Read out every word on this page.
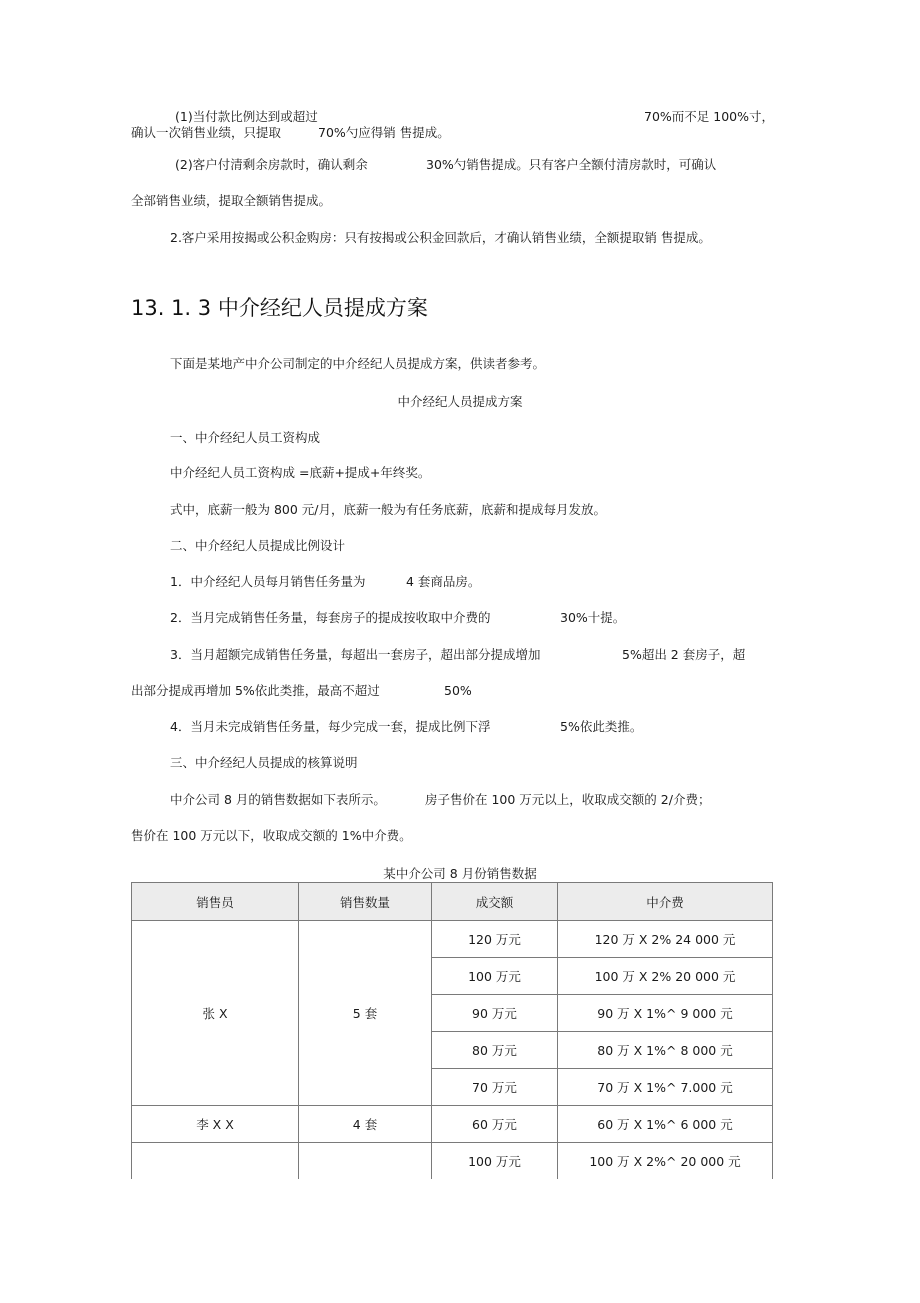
(1)当付款比例达到或超过	70%而不足 100%寸，
确认一次销售业绩，只提取	70%勺应得销 售提成。
(2)客户付清剩余房款时，确认剩余	30%勺销售提成。只有客户全额付清房款时，可确认
全部销售业绩，提取全额销售提成。
2.客户采用按揭或公积金购房：只有按揭或公积金回款后，才确认销售业绩，全额提取销 售提成。
13. 1. 3 中介经纪人员提成方案
下面是某地产中介公司制定的中介经纪人员提成方案，供读者参考。
中介经纪人员提成方案
一、中介经纪人员工资构成
中介经纪人员工资构成 =底薪+提成+年终奖。
式中，底薪一般为 800 元/月，底薪一般为有任务底薪，底薪和提成每月发放。
二、中介经纪人员提成比例设计
1．中介经纪人员每月销售任务量为	4 套商品房。
2．当月完成销售任务量，每套房子的提成按收取中介费的	30%十提。
3．当月超额完成销售任务量，每超出一套房子，超出部分提成增加	5%超出 2 套房子，超
出部分提成再增加 5%依此类推，最高不超过	50%
4．当月未完成销售任务量，每少完成一套，提成比例下浮	5%依此类推。
三、中介经纪人员提成的核算说明
中介公司 8 月的销售数据如下表所示。	房子售价在 100 万元以上，收取成交额的 2/介费；
售价在 100 万元以下，收取成交额的 1%中介费。
某中介公司 8 月份销售数据
销售员	销售数量	成交额	中介费
张 X	5 套	120 万元	120 万 X 2% 24 000 元
		100 万元	100 万 X 2% 20 000 元
		90 万元	90 万 X 1%^ 9 000 元
		80 万元	80 万 X 1%^ 8 000 元
		70 万元	70 万 X 1%^ 7.000 元
李 X X	4 套	60 万元	60 万 X 1%^ 6 000 元
		100 万元	100 万 X 2%^ 20 000 元
